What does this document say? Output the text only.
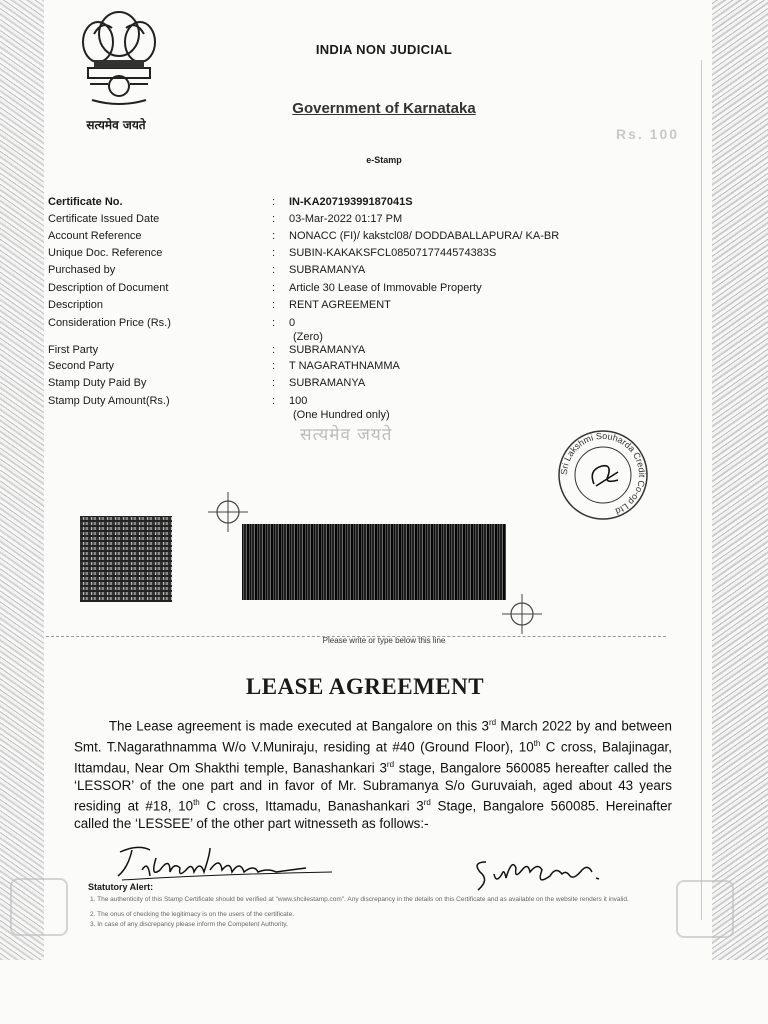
सत्यमेव जयते
INDIA NON JUDICIAL
Government of Karnataka
e-Stamp
Rs. 100
Certificate No.	: IN-KA20719399187041S
Certificate Issued Date	: 03-Mar-2022 01:17 PM
Account Reference	: NONACC (FI)/ kakstcl08/ DODDABALLAPURA/ KA-BR
Unique Doc. Reference	: SUBIN-KAKAKSFCL0850717744574383S
Purchased by	: SUBRAMANYA
Description of Document	: Article 30 Lease of Immovable Property
Description	: RENT AGREEMENT
Consideration Price (Rs.)	: 0
(Zero)
First Party	: SUBRAMANYA
Second Party	: T NAGARATHNAMMA
Stamp Duty Paid By	: SUBRAMANYA
Stamp Duty Amount(Rs.)	: 100
(One Hundred only)
सत्यमेव जयते
Sri Lakshmi Souharda Credit Co-op Ltd
Please write or type below this line
LEASE AGREEMENT
The Lease agreement is made executed at Bangalore on this 3rd March 2022 by and between Smt. T.Nagarathnamma W/o V.Muniraju, residing at #40 (Ground Floor), 10th C cross, Balajinagar, Ittamdau, Near Om Shakthi temple, Banashankari 3rd stage, Bangalore 560085 hereafter called the ‘LESSOR’ of the one part and in favor of Mr. Subramanya S/o Guruvaiah, aged about 43 years residing at #18, 10th C cross, Ittamadu, Banashankari 3rd Stage, Bangalore 560085. Hereinafter called the ‘LESSEE’ of the other part witnesseth as follows:-
Statutory Alert:
1. The authenticity of this Stamp Certificate should be verified at "www.shcilestamp.com". Any discrepancy in the details on this Certificate and as available on the website renders it invalid.
2. The onus of checking the legitimacy is on the users of the certificate.
3. In case of any discrepancy please inform the Competent Authority.
